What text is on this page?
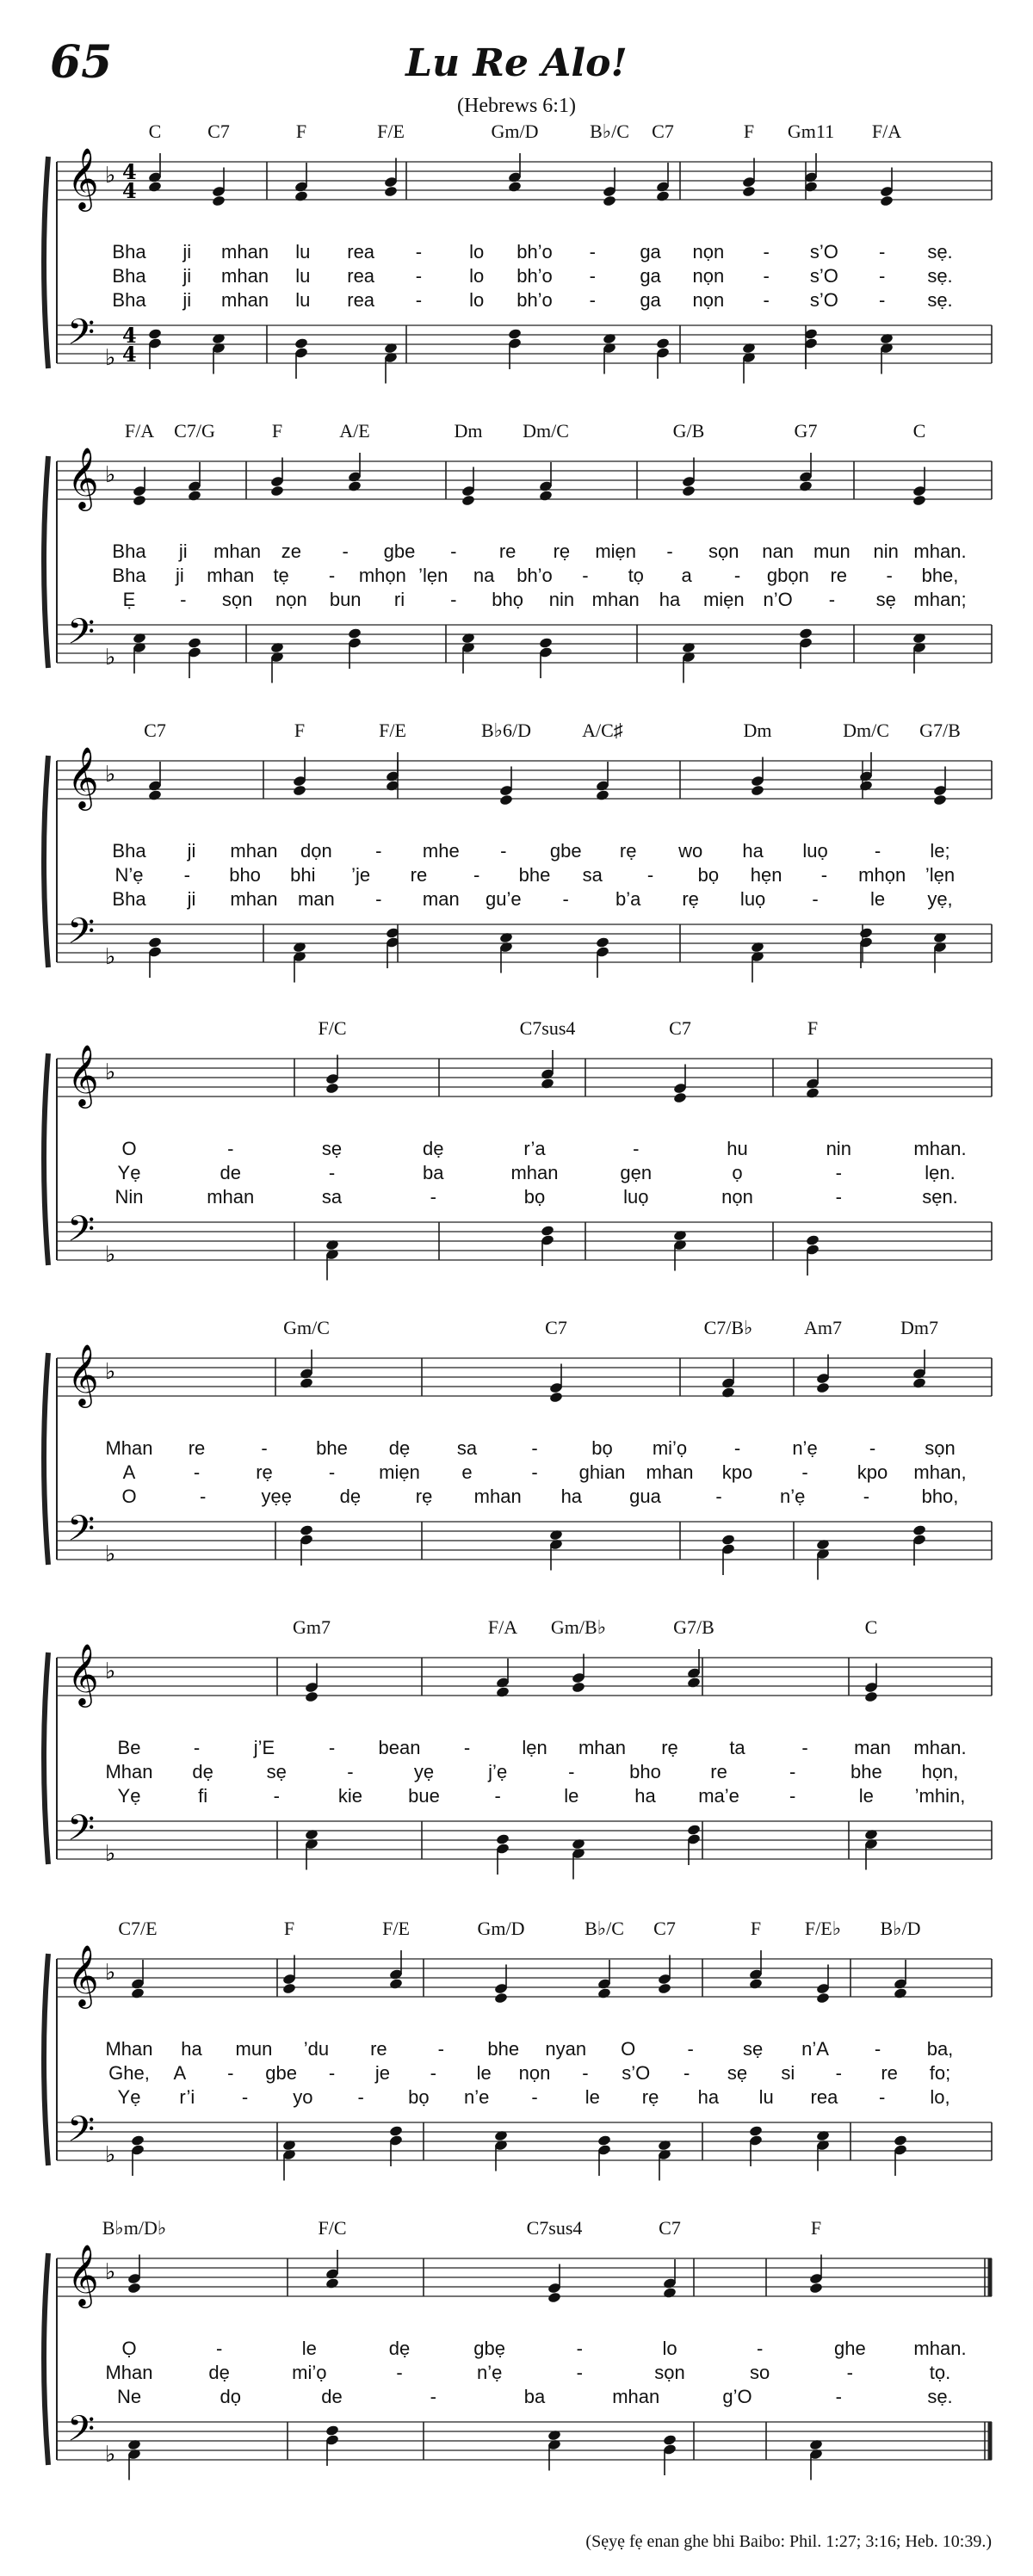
65	Lu Re Alo!
(Hebrews 6:1)
𝄞
𝄢
♭
♭
4
4
4
4
C C7	F	F/E	Gm/D	B♭/C C7	F Gm11 F/A
Bha ji mhan lu rea -	lo bh’o - ga nọn - s’O - sẹ.
Bha ji mhan lu rea -	lo bh’o - ga nọn - s’O - sẹ.
Bha ji mhan lu rea -	lo bh’o - ga nọn - s’O - sẹ.
𝄞
𝄢
♭
♭
F/A C7/G	F	A/E	Dm Dm/C	G/B	G7	C
Bha ji mhan ze - gbe - re rẹ miẹn - sọn nan mun nin mhan.
Bha ji mhan tẹ - mhọn ’lẹn na bh’o - tọ a - gbọn re - bhe,
Ẹ - sọn nọn bun ri - bhọ nin mhan ha miẹn n’O - sẹ mhan;
𝄞
𝄢
♭
♭
C7	F	F/E	B♭6/D	A/C♯	Dm	Dm/C G7/B
Bha ji mhan dọn - mhe - gbe rẹ wo ha luọ -	le;
N’ẹ - bho bhi ’je re - bhe sa - bọ hẹn - mhọn ’lẹn
Bha ji mhan man - man gu’e - b’a rẹ luọ -	le yẹ,
𝄞
𝄢
♭
♭
F/C	C7sus4	C7	F
O	-	sẹ	dẹ	r’a	-	hu	nin	mhan.
Yẹ	de	-	ba	mhan	gẹn	ọ	-	lẹn.
Nin	mhan	sa	-	bọ	luọ	nọn	-	sẹn.
𝄞
𝄢
♭
♭
Gm/C	C7	C7/B♭	Am7	Dm7
Mhan re	-	bhe dẹ sa	-	bọ mi’ọ -	n’ẹ	-	sọn
A	-	rẹ	- miẹn e	- ghian mhan kpo	-	kpo mhan,
O	-	yẹẹ	dẹ	rẹ mhan ha	gua	-	n’ẹ	-	bho,
𝄞
𝄢
♭
♭
Gm7	F/A Gm/B♭	G7/B	C
Be	-	j’E	- bean -	lẹn mhan rẹ	ta	- man mhan.
Mhan dẹ	sẹ	-	yẹ	j’ẹ	-	bho	re	-	bhe họn,
Yẹ	fi	-	kie bue	-	le	ha ma’e	-	le ’mhin,
𝄞
𝄢
♭
♭
C7/E	F	F/E	Gm/D	B♭/C C7	F F/E♭ B♭/D
Mhan ha mun ’du re	- bhe nyan O	-	sẹ n’A - ba,
Ghe, A - gbe - je - le nọn - s’O - sẹ si - re fo;
Yẹ r’i - yo - bọ n’e -	le rẹ ha lu rea - lo,
𝄞
𝄢
♭
♭
B♭m/D♭	F/C	C7sus4	C7	F
Ọ	-	le	dẹ	gbẹ	-	lo	-	ghe	mhan.
Mhan	dẹ	mi’ọ	-	n’ẹ	-	sọn	so	-	tọ.
Ne	dọ	de	-	ba	mhan	g’O	-	sẹ.
(Sẹyẹ fẹ enan ghe bhi Baibo: Phil. 1:27; 3:16; Heb. 10:39.)
